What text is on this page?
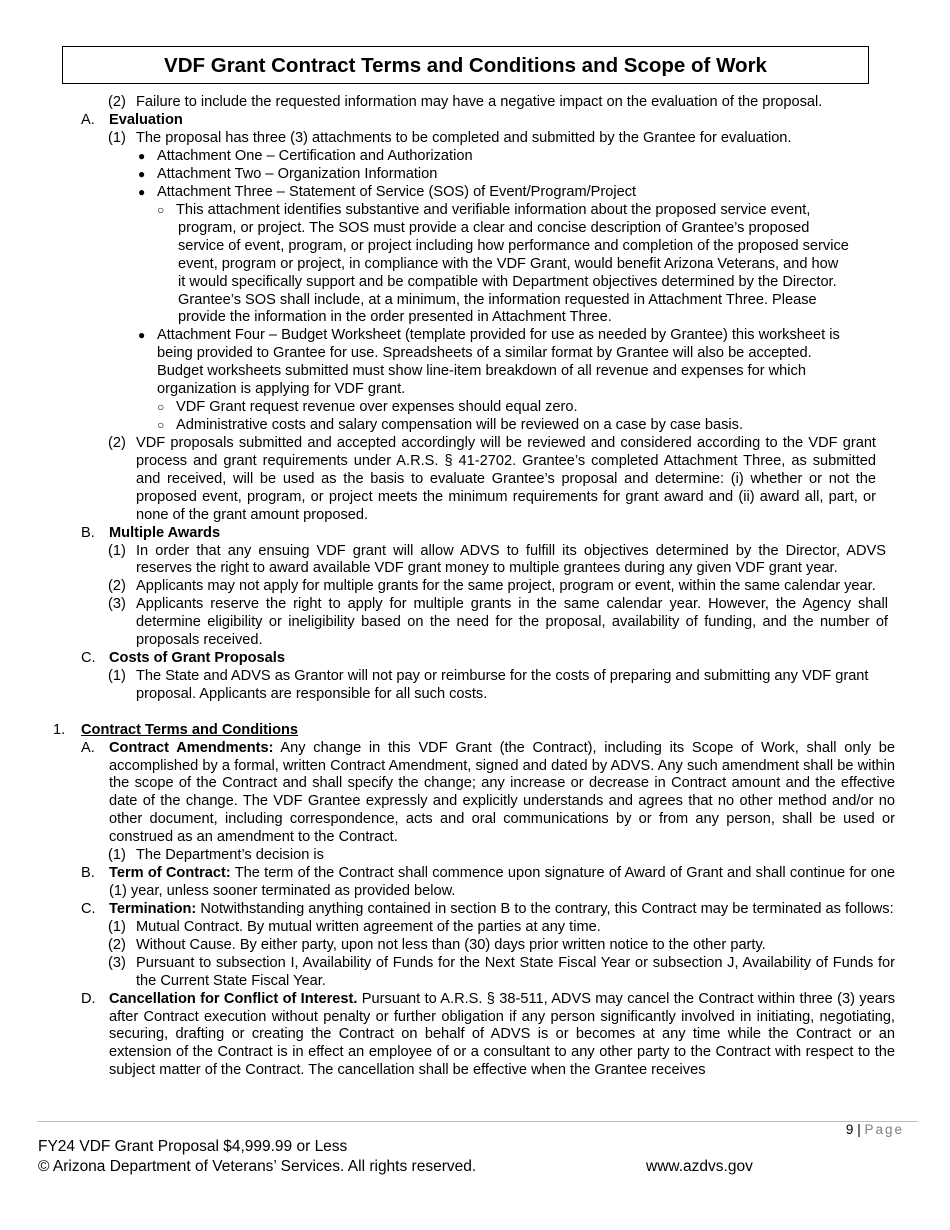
VDF Grant Contract Terms and Conditions and Scope of Work
(2) Failure to include the requested information may have a negative impact on the evaluation of the proposal.
A. Evaluation
(1) The proposal has three (3) attachments to be completed and submitted by the Grantee for evaluation.
● Attachment One – Certification and Authorization
● Attachment Two – Organization Information
● Attachment Three – Statement of Service (SOS) of Event/Program/Project
○ This attachment identifies substantive and verifiable information about the proposed service event,
program, or project. The SOS must provide a clear and concise description of Grantee’s proposed
service of event, program, or project including how performance and completion of the proposed service
event, program or project, in compliance with the VDF Grant, would benefit Arizona Veterans, and how
it would specifically support and be compatible with Department objectives determined by the Director.
Grantee’s SOS shall include, at a minimum, the information requested in Attachment Three. Please
provide the information in the order presented in Attachment Three.
● Attachment Four – Budget Worksheet (template provided for use as needed by Grantee) this worksheet is
being provided to Grantee for use. Spreadsheets of a similar format by Grantee will also be accepted.
Budget worksheets submitted must show line-item breakdown of all revenue and expenses for which
organization is applying for VDF grant.
○ VDF Grant request revenue over expenses should equal zero.
○ Administrative costs and salary compensation will be reviewed on a case by case basis.
(2) VDF proposals submitted and accepted accordingly will be reviewed and considered according to the VDF grant process and grant requirements under A.R.S. § 41-2702. Grantee’s completed Attachment Three, as submitted and received, will be used as the basis to evaluate Grantee’s proposal and determine: (i) whether or not the proposed event, program, or project meets the minimum requirements for grant award and (ii) award all, part, or none of the grant amount proposed.
B. Multiple Awards
(1) In order that any ensuing VDF grant will allow ADVS to fulfill its objectives determined by the Director, ADVS reserves the right to award available VDF grant money to multiple grantees during any given VDF grant year.
(2) Applicants may not apply for multiple grants for the same project, program or event, within the same calendar year.
(3) Applicants reserve the right to apply for multiple grants in the same calendar year. However, the Agency shall determine eligibility or ineligibility based on the need for the proposal, availability of funding, and the number of proposals received.
C. Costs of Grant Proposals
(1) The State and ADVS as Grantor will not pay or reimburse for the costs of preparing and submitting any VDF grant proposal. Applicants are responsible for all such costs.
1. Contract Terms and Conditions
A. Contract Amendments: Any change in this VDF Grant (the Contract), including its Scope of Work, shall only be accomplished by a formal, written Contract Amendment, signed and dated by ADVS. Any such amendment shall be within the scope of the Contract and shall specify the change; any increase or decrease in Contract amount and the effective date of the change. The VDF Grantee expressly and explicitly understands and agrees that no other method and/or no other document, including correspondence, acts and oral communications by or from any person, shall be used or construed as an amendment to the Contract.
(1) The Department’s decision is
B. Term of Contract: The term of the Contract shall commence upon signature of Award of Grant and shall continue for one (1) year, unless sooner terminated as provided below.
C. Termination: Notwithstanding anything contained in section B to the contrary, this Contract may be terminated as follows:
(1) Mutual Contract. By mutual written agreement of the parties at any time.
(2) Without Cause. By either party, upon not less than (30) days prior written notice to the other party.
(3) Pursuant to subsection I, Availability of Funds for the Next State Fiscal Year or subsection J, Availability of Funds for the Current State Fiscal Year.
D. Cancellation for Conflict of Interest. Pursuant to A.R.S. § 38-511, ADVS may cancel the Contract within three (3) years after Contract execution without penalty or further obligation if any person significantly involved in initiating, negotiating, securing, drafting or creating the Contract on behalf of ADVS is or becomes at any time while the Contract or an extension of the Contract is in effect an employee of or a consultant to any other party to the Contract with respect to the subject matter of the Contract. The cancellation shall be effective when the Grantee receives
9 | Page
FY24 VDF Grant Proposal $4,999.99 or Less
© Arizona Department of Veterans’ Services. All rights reserved.	www.azdvs.gov
